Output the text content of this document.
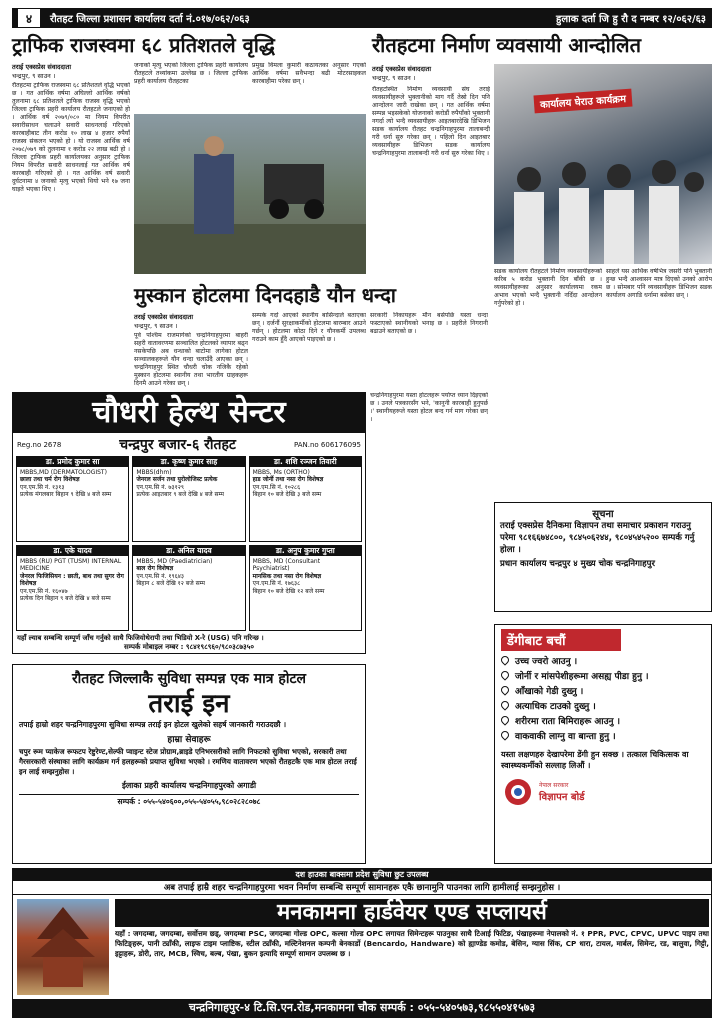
४	रौतहट जिल्ला प्रशासन कार्यालय दर्ता नं.०१७/०६२/०६३	हुलाक दर्ता जि हु रौ द नम्बर १२/०६२/६३
ट्राफिक राजस्वमा ६८ प्रतिशतले वृद्धि
तराई एक्सप्रेस संवाददाता
चन्द्रपुर, ९ साउन ।
रौतहटमा ट्राफिक राजस्वमा ६८ प्रतिशतले वृद्धि भएको छ । गत आर्थिक वर्षमा अघिल्लो आर्थिक वर्षको तुलनामा ६८ प्रतिशतले ट्राफिक राजस्व वृद्धि भएको जिल्ला ट्राफिक प्रहरी कार्यालय रौतहटले जनाएको हो । आर्थिक वर्ष २०७९/०८० मा नियम विपरीत सवारीसाधन चलाउने सवारी साधनलाई गरिएको कारबाहीबाट तीन करोड १० लाख ४ हजार रुपैयाँ राजस्व संकलन भएको हो । यो राजस्व आर्थिक वर्ष २०७८/०७९ को तुलनामा १ करोड २२ लाख बढी हो । जिल्ला ट्राफिक प्रहरी कार्यालयका अनुसार ट्राफिक नियम विपरीत सवारी साधनलाई गत आर्थिक वर्ष कारबाही गरिएको हो । गत आर्थिक वर्ष सवारी दुर्घटनामा ४ जनाको मृत्यु भएको थियो भने १७ जना घाइते भएका थिए ।
जनाको मृत्यु भएको जिल्ला ट्राफिक प्रहरी कार्यालय रौतहटले तथ्यांकमा उल्लेख छ । जिल्ला ट्राफिक प्रहरी कार्यालय रौतहटका
प्रमुख विमला कुमारी कठायतका अनुसार गएको आर्थिक वर्षमा सवैभन्दा बढी मोटरसाइकल कारबाहीमा परेका छन् ।
रौतहटमा निर्माण व्यवसायी आन्दोलित
तराई एक्सप्रेस संवाददाता
चन्द्रपुर, ९ साउन ।
रौतहटस्थित निर्माण व्यवसायी संघ तराई व्यवसायीहरूले भुक्तानीको माग गर्दै तेस्रो दिन पनि आन्दोलन जारी राखेका छन् । गत आर्थिक वर्षमा सम्पन्न भइसकेको योजनाको करोडौं रुपैयाँको भुक्तानी नगर्दा त्यो भन्दै व्यवसायीहरू आइतबारदेखि डिभिजन सडक कार्यालय रौतहट चन्द्रनिगाहपुरमा तालाबन्दी गरी धर्ना सुरु गरेका छन् । पहिलो दिन आइतबार व्यवसायीहरू डिभिजन सडक कार्यालय चन्द्रनिगाहपुरमा तालाबन्दी गरी धर्ना सुरु गरेका थिए ।
कार्यालय घेराउ कार्यक्रम
सडक कार्यालय रौतहटले निर्माण व्यवसायीहरूको करिब ५ करोड भुक्तानी दिन बाँकी छ । व्यवसायीहरूका अनुसार कार्यालयमा रकम अभाव भएको भन्दै भुक्तानी नदिँदा आन्दोलन गर्नुपरेको हो ।
साहले यस आर्थिक वर्षभित्र जसरी पनि भुक्तानी हुन्छ भन्दै आश्वासन मात्र दिएको उनको आरोप छ । सोमबार पनि व्यवसायीहरू डिभिजन सडक कार्यालय अगाडि धर्नामा बसेका छन् ।
मुस्कान होटलमा दिनदहाडै यौन धन्दा
तराई एक्सप्रेस संवाददाता
चन्द्रपुर, ९ साउन ।
पूर्व पश्चिम राजमार्गको चन्द्रनिगाहपुरमा बाहरी सहरी वातावरणमा सञ्चालित होटलको व्यापार बढ्न नसकेपछि अब धन्धाको बाटोमा लागेका होटल सञ्चालकहरूले यौन धन्दा चलाउँदै आएका छन् । चन्द्रनिगाहपुर स्थित चौधरी चोक नजिकै रहेको मुस्कान होटलमा स्थानीय तथा भारतीय ग्राहकहरू दिनमै आउने गरेका छन् ।
सम्पर्क गर्दा आएको स्थानीय बासिन्दाले बताएका छन् । दर्जनौं सुरक्षाकर्मीको होटलमा बारम्बार आउने गर्छन् । होटलमा कोठा दिने र यौनकर्मी उपलब्ध गराउने काम हुँदै आएको पाइएको छ ।
सरकारी निकायहरू मौन बसेपछि यस्ता धन्दा फस्टाएको स्थानीयको भनाइ छ । प्रहरीले निगरानी बढाउने बताएको छ ।
चन्द्रनिगाहपुरमा यस्ता होटलहरू पर्याप्त ध्यान दिइएको छ । उनले पत्रकारसँग भने, 'कानुनी कारबाही हुनुपर्छ ।' स्थानीयहरूले यस्ता होटल बन्द गर्न माग गरेका छन् ।
चौधरी हेल्थ सेन्टर
Reg.no 2678	चन्द्रपुर बजार-६ रौतहट	PAN.no 606176095
डा. प्रमोद कुमार सा
MBBS,MD (DERMATOLOGIST)
छाला तथा चर्म रोग विशेषज्ञ
एन.एम.सि नं. १३१३
प्रत्येक मंगलबार बिहान ९ देखि ४ बजे सम्म
डा. कृष्ण कुमार साह
MBBS(dhm)
जेनरल सर्जन तथा युरोलोजिस्ट प्रत्येक
एन.एम.सि नं. ७३१२९
प्रत्येक आइतबार ९ बजे देखि ४ बजे सम्म
डा. शशि रञ्जन तिवारी
MBBS, Ms (ORTHO)
हाड जोर्नी तथा नसा रोग विशेषज्ञ
एन.एम.सि नं. १०२८६
बिहान १० बजे देखि ३ बजे सम्म
डा. एके यादव
MBBS (RU) PGT (TUSM) INTERNAL MEDICINE
जेनरल फिजिसियन : छाती, बाथ तथा सुगर रोग विशेषज्ञ
एन.एम.सि नं. १६०४७
प्रत्येक दिन बिहान ९ बजे देखि ४ बजे सम्म
डा. अनिल यादव
MBBS, MD (Paediatrician)
बाल रोग विशेषज्ञ
एन.एम.सि नं. १९६४३
बिहान ८ बजे देखि १२ बजे सम्म
डा. अनुप कुमार गुप्ता
MBBS, MD (Consultant Psychiatrist)
मानसिक तथा नसा रोग विशेषज्ञ
एन.एम.सि नं. १७६३८
बिहान १० बजे देखि १२ बजे सम्म
यहाँ ल्याब सम्बन्धि सम्पूर्ण जाँच गर्नुको साथै फिजियोथेरापी तथा भिडियो X-रे (USG) पनि गरिन्छ ।
सम्पर्क मोबाइल नम्बर : ९८४१९८९६०/९८०३८७३५०
सूचना
तराई एक्सप्रेस दैनिकमा विज्ञापन तथा समाचार प्रकाशन गराउनु परेमा ९८१६६७४८००, ९८४५०६२४४, ९८०४५४५२०० सम्पर्क गर्नु होला ।
प्रधान कार्यालय चन्द्रपुर ४ मुख्य चोक चन्द्रनिगाहपुर
रौतहट जिल्लाकै सुविधा सम्पन्न एक मात्र होटल
तराई इन
तपाई हाम्रो शहर चन्द्रनिगाहपुरमा सुविधा सम्पन्न तराई इन होटल खुलेको सहर्ष जानकारी गराउदछौ ।
हाम्रा सेवाहरू
चपुर रूम प्याकेज रूफटप रेष्टुरेण्ट,सेल्फी प्वाइन्ट स्टेज प्रोग्राम,ब्राइडे एनिभरसरीको लागि निफटको सुविधा भएको, सरकारी तथा गैरसरकारी संस्थाका लागि कार्यक्रम गर्न हलहरूको प्रयाप्त सुविधा भएको । रमणिय वातावरण भएको रौतहटकै एक मात्र होटल तराई इन लाई सम्झनुहोस ।
ईलाका प्रहरी कार्यालय चन्द्रनिगाहपुरको अगाडी
सम्पर्क : ०५५-५४०६००,०५५-५४०५५,९८०२८२८०७८
डेंगीबाट बचौं
उच्च ज्वरो आउनु ।
जोर्नी र मांसपेशीहरूमा असह्य पीडा हुनु ।
आँखाको गेडी दुख्नु ।
अत्याधिक टाउको दुख्नु ।
शरीरमा राता बिमिराहरू आउनु ।
वाकवाकी लाग्नु वा बान्ता हुनु ।
यस्ता लक्षणहरु देखापरेमा डेंगी हुन सक्छ । तत्काल चिकित्सक वा स्वास्थ्यकर्मीको सल्लाह लिऔं ।
नेपाल सरकार
विज्ञापन बोर्ड
दश हाउका बाक्समा प्रदेश सुविधा छुट उपलब्ध
अब तपाई हाम्रै शहर चन्द्रनिगाहपुरमा भवन निर्माण सम्बन्धि सम्पूर्ण सामानहरू एकै छानामुनि पाउनका लागि हामीलाई सम्झनुहोस ।
मनकामना हार्डवेयर एण्ड सप्लायर्स
यहाँ : जगदम्बा, जगदम्बा, सर्वोत्तम छड्, जगदम्बा PSC, जगदम्बा गोल्ड OPC, कल्सा गोल्ड OPC लगायत सिमेन्टहरू पाउनुका साथै टिआई फिटिङ, पंखाहरूमा नेपालको नं. १ PPR, PVC, CPVC, UPVC पाइप तथा फिटिङ्हरू, पानी ट्याँकी, लाइफ टाइम प्लाष्टिक, स्टील ट्याँकी, मल्टिनेशनल कम्पनी बेनकार्डो (Bencardo, Handware) को ह्याण्डेड कमोड, बेसिन, ग्यास सिंक, CP धारा, टायल, मार्बल, सिमेन्ट, रड, बालुवा, गिट्टी, इट्टाहरू, डोरी, तार, MCB, स्विच, बल्ब, पंखा, बुकन इत्यादि सम्पूर्ण सामान उपलब्ध छ ।
चन्द्रनिगाहपुर-४ टि.सि.एन.रोड,मनकामना चौक सम्पर्क : ०५५-५४०५७३,९८५५०४१५७३
